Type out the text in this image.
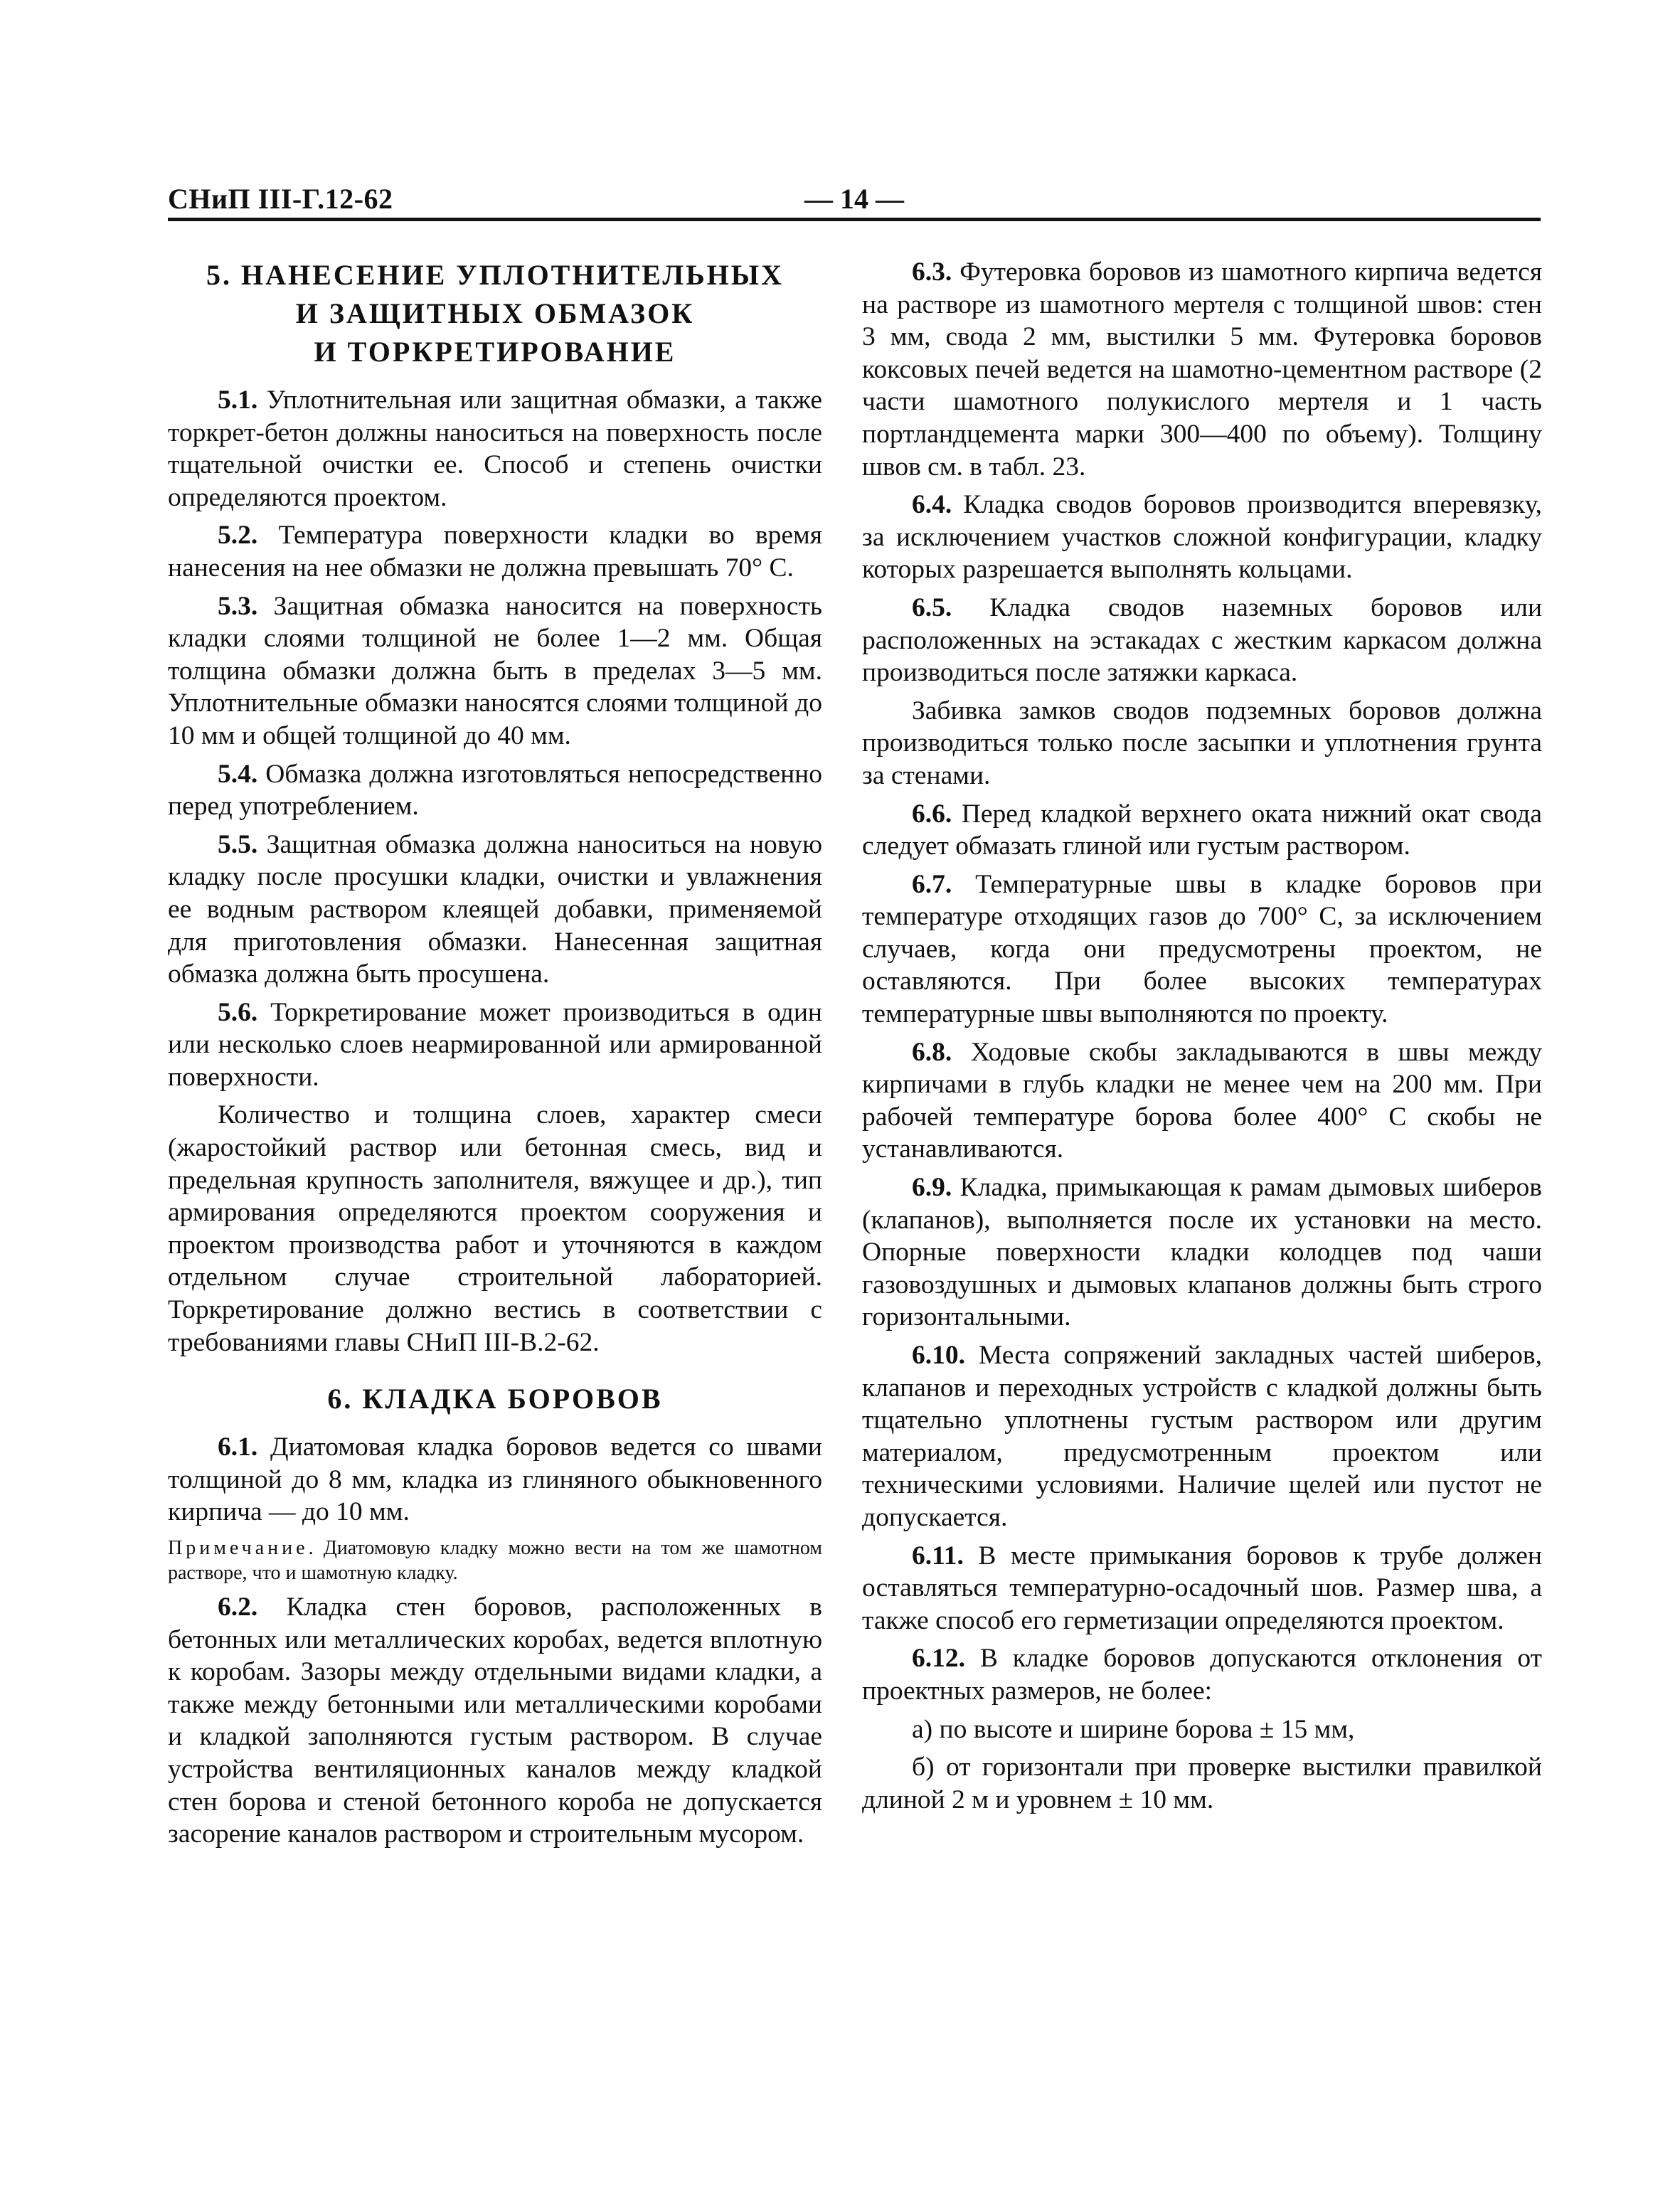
СНиП III-Г.12-62	— 14 —
5. НАНЕСЕНИЕ УПЛОТНИТЕЛЬНЫХ
И ЗАЩИТНЫХ ОБМАЗОК
И ТОРКРЕТИРОВАНИЕ

5.1. Уплотнительная или защитная обмазки, а также торкрет-бетон должны наноситься на поверхность после тщательной очистки ее. Способ и степень очистки определяются проектом.

5.2. Температура поверхности кладки во время нанесения на нее обмазки не должна превышать 70° С.

5.3. Защитная обмазка наносится на поверхность кладки слоями толщиной не более 1—2 мм. Общая толщина обмазки должна быть в пределах 3—5 мм. Уплотнительные обмазки наносятся слоями толщиной до 10 мм и общей толщиной до 40 мм.

5.4. Обмазка должна изготовляться непосредственно перед употреблением.

5.5. Защитная обмазка должна наноситься на новую кладку после просушки кладки, очистки и увлажнения ее водным раствором клеящей добавки, применяемой для приготовления обмазки. Нанесенная защитная обмазка должна быть просушена.

5.6. Торкретирование может производиться в один или несколько слоев неармированной или армированной поверхности.

Количество и толщина слоев, характер смеси (жаростойкий раствор или бетонная смесь, вид и предельная крупность заполнителя, вяжущее и др.), тип армирования определяются проектом сооружения и проектом производства работ и уточняются в каждом отдельном случае строительной лабораторией. Торкретирование должно вестись в соответствии с требованиями главы СНиП III-В.2-62.

6. КЛАДКА БОРОВОВ

6.1. Диатомовая кладка боровов ведется со швами толщиной до 8 мм, кладка из глиняного обыкновенного кирпича — до 10 мм.

Примечание. Диатомовую кладку можно вести на том же шамотном растворе, что и шамотную кладку.

6.2. Кладка стен боровов, расположенных в бетонных или металлических коробах, ведется вплотную к коробам. Зазоры между отдельными видами кладки, а также между бетонными или металлическими коробами и кладкой заполняются густым раствором. В случае устройства вентиляционных каналов между кладкой стен борова и стеной бетонного короба не допускается засорение каналов раствором и строительным мусором.

6.3. Футеровка боровов из шамотного кирпича ведется на растворе из шамотного мертеля с толщиной швов: стен 3 мм, свода 2 мм, выстилки 5 мм. Футеровка боровов коксовых печей ведется на шамотно-цементном растворе (2 части шамотного полукислого мертеля и 1 часть портландцемента марки 300—400 по объему). Толщину швов см. в табл. 23.

6.4. Кладка сводов боровов производится вперевязку, за исключением участков сложной конфигурации, кладку которых разрешается выполнять кольцами.

6.5. Кладка сводов наземных боровов или расположенных на эстакадах с жестким каркасом должна производиться после затяжки каркаса.

Забивка замков сводов подземных боровов должна производиться только после засыпки и уплотнения грунта за стенами.

6.6. Перед кладкой верхнего оката нижний окат свода следует обмазать глиной или густым раствором.

6.7. Температурные швы в кладке боровов при температуре отходящих газов до 700° С, за исключением случаев, когда они предусмотрены проектом, не оставляются. При более высоких температурах температурные швы выполняются по проекту.

6.8. Ходовые скобы закладываются в швы между кирпичами в глубь кладки не менее чем на 200 мм. При рабочей температуре борова более 400° С скобы не устанавливаются.

6.9. Кладка, примыкающая к рамам дымовых шиберов (клапанов), выполняется после их установки на место. Опорные поверхности кладки колодцев под чаши газовоздушных и дымовых клапанов должны быть строго горизонтальными.

6.10. Места сопряжений закладных частей шиберов, клапанов и переходных устройств с кладкой должны быть тщательно уплотнены густым раствором или другим материалом, предусмотренным проектом или техническими условиями. Наличие щелей или пустот не допускается.

6.11. В месте примыкания боровов к трубе должен оставляться температурно-осадочный шов. Размер шва, а также способ его герметизации определяются проектом.

6.12. В кладке боровов допускаются отклонения от проектных размеров, не более:

а) по высоте и ширине борова ± 15 мм,

б) от горизонтали при проверке выстилки правилкой длиной 2 м и уровнем ± 10 мм.
